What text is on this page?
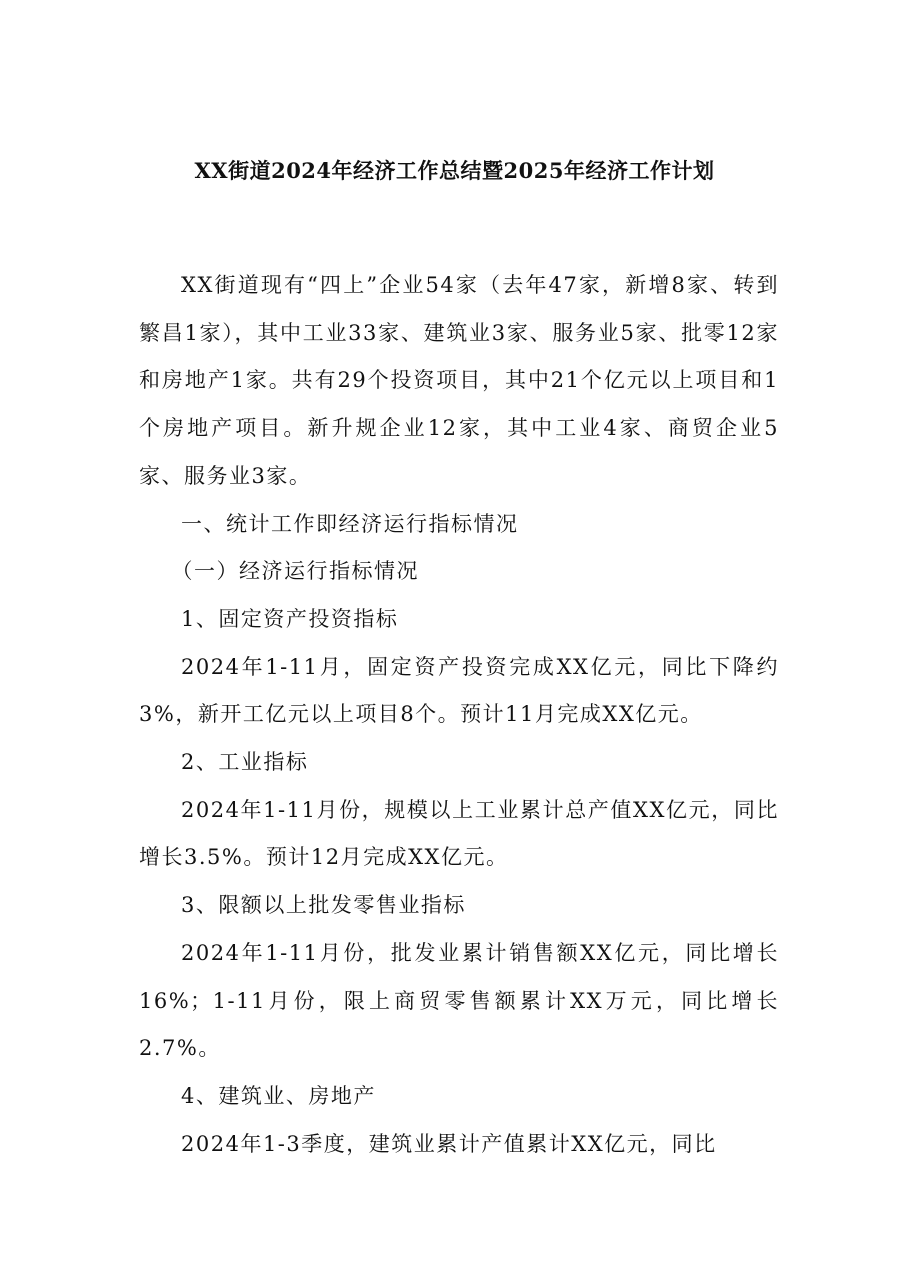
XX街道2024年经济工作总结暨2025年经济工作计划

XX街道现有“四上”企业54家（去年47家，新增8家、转到繁昌1家），其中工业33家、建筑业3家、服务业5家、批零12家和房地产1家。共有29个投资项目，其中21个亿元以上项目和1个房地产项目。新升规企业12家，其中工业4家、商贸企业5家、服务业3家。

一、统计工作即经济运行指标情况

（一）经济运行指标情况

1、固定资产投资指标

2024年1-11月，固定资产投资完成XX亿元，同比下降约3%，新开工亿元以上项目8个。预计11月完成XX亿元。

2、工业指标

2024年1-11月份，规模以上工业累计总产值XX亿元，同比增长3.5%。预计12月完成XX亿元。

3、限额以上批发零售业指标

2024年1-11月份，批发业累计销售额XX亿元，同比增长16%；1-11月份，限上商贸零售额累计XX万元，同比增长2.7%。

4、建筑业、房地产

2024年1-3季度，建筑业累计产值累计XX亿元，同比
